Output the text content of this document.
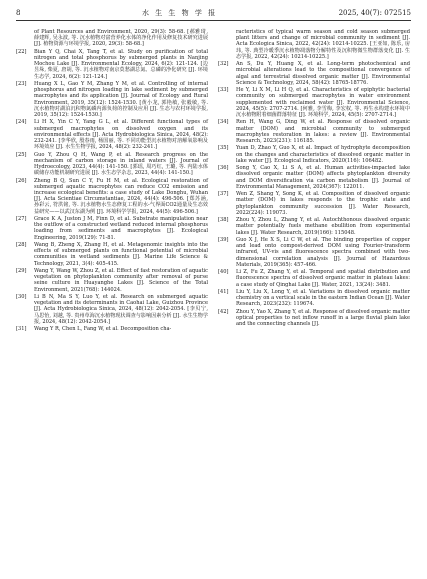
8	水 生 生 物 学 报	2025, 40(7): 072515
of Plant Resources and Environment, 2020, 29(3): 58-68. [郝雅琦, 薛建辉, 吴永波, 等. 沉水植物对富营养化水体的净化作用及修复技术研究进展 [J]. 植物资源与环境学报, 2020, 29(3): 58-68.]
[22]	Bian Y Q, Chai X, Tang T, et al. Study on purification of total nitrogen and total phosphorus by submerged plants in Nanjing Mochou Lake [J]. Environmental Ecology, 2024, 6(2): 121-124. [边昱垛, 柴夏, 唐胡, 等. 沉水植物对南京莫愁湖总氮、总磷的净化研究 [J]. 环境生态学, 2024, 6(2): 121-124.]
[23]	Huang X L, Gao Y M, Zhang Y M, et al. Controlling of internal phosphorus and nitrogen loading in lake sediment by submerged macrophytes and its application [J]. Journal of Ecology and Rural Environment, 2019, 35(12): 1524-1530. [黄小龙, 郭艳敏, 张毅敏, 等. 沉水植物对湖泊沉积物氮磷内源负荷的控制及应用 [J]. 生态与农村环境学报, 2019, 35(12): 1524-1530.]
[24]	Li H X, Yin C Y, Yang G L, et al. Different functional types of submerged macrophytes on dissolved oxygen and its environmental effects [J]. Acta Hydrobiologica Sinica, 2024, 48(2): 232-241. [李华欣, 殷春雨, 杨国丽, 等. 不同功能型沉水植物对溶解氧影响及环境效应 [J]. 水生生物学报, 2024, 48(2): 232-241.]
[25]	Guo Y, Zhou Q H, Wang P, et al. Research progress on the mechanism of carbon storage in inland waters [J]. Journal of Hydroecology, 2023, 44(4): 141-150. [郭瑶, 周巧红, 王璐, 等. 内陆水体碳储存功能机制研究进展 [J]. 水生态学杂志, 2023, 44(4): 141-150.]
[26]	Zheng B Q, Sun C Y, Fu H M, et al. Ecological restoration of submerged aquatic macrophytes can reduce CO2 emission and increase ecological benefits: a case study of Lake Donghu, Wuhan [J]. Acta Scientiae Circumstantiae, 2024, 44(4): 496-506. [郑苏涵, 孙彩云, 符洪铭, 等. 沉水植物水生态修复工程的水-气界面CO2通量及生态效益研究——以武汉东湖为例 [J]. 环境科学学报, 2024, 44(5): 496-506.]
[27]	Grace K A, Juston J M, Finn D, et al. Substrate manipulation near the outflow of a constructed wetland reduced internal phosphorus loading from sediments and macrophytes [J]. Ecological Engineering, 2019(129): 71-81.
[28]	Wang B, Zheng X, Zhang H, et al. Metagenomic insights into the effects of submerged plants on functional potential of microbial communities in wetland sediments [J]. Marine Life Science & Technology, 2021, 3(4): 405-415.
[29]	Wang Y, Wang W, Zhou Z, et al. Effect of fast restoration of aquatic vegetation on phytoplankton community after removal of purse seine culture in Huayanghe Lakes [J]. Science of the Total Environment, 2021(768): 144024.
[30]	Li B N, Ma S Y, Luo Y, et al. Research on submerged aquatic vegetation and its determinants in Caohai Lake, Guizhou Province [J]. Acta Hydrobiologica Sinica, 2024, 48(12): 2042-2054. [李贝宁, 马思怡, 刘越, 等. 贵州草海沉水植物现状调查与影响因素分析 [J]. 水生生物学报, 2024, 48(12): 2042-2054.]
[31]	Wang Y R, Chen L, Fang W, et al. Decomposition cha-
racteristics of typical warm season and cold season submerged plant litters and change of microbial community in sediment [J]. Acta Ecologica Sinica, 2022, 42(24): 10214-10225. [王亚如, 陈乐, 房玮, 等. 典型冷暖季沉水植物凋落物分解特性及沉积物微生物群落变化 [J]. 生态学报, 2022, 42(24): 10214-10225.]
[32]	An S, Du Y, Huang X, et al. Long-term photochemical and microbial alterations lead to the compositional convergence of algal and terrestrial dissolved organic matter [J]. Environmental Science & Technology, 2024, 58(42): 18765-18776.
[33]	He Y, Li X M, Li H Q, et al. Characteristics of epiphytic bacterial community on submerged macrophytes in water environment supplemented with reclaimed water [J]. Environmental Science, 2024, 45(5): 2707-2714. [何雅, 李雪梅, 李宏权, 等. 再生水构建水环境中沉水植物附着细菌群落特征 [J]. 环境科学, 2024, 45(5): 2707-2714.]
[34]	Ren H, Wang G, Ding W, et al. Response of dissolved organic matter (DOM) and microbial community to submerged macrophytes restoration in lakes: a review [J]. Environmental Research, 2023(231): 116185.
[35]	Yuan D, Zhao Y, Guo X, et al. Impact of hydrophyte decomposition on the changes and characteristics of dissolved organic matter in lake water [J]. Ecological Indicators, 2020(116): 106482.
[36]	Song Y, Cao X, Li S A, et al. Human activities-impacted lake dissolved organic matter (DOM) affects phytoplankton diversity and DOM diversification via carbon metabolism [J]. Journal of Environmental Management, 2024(367): 122011.
[37]	Wen Z, Shang Y, Song K, et al. Composition of dissolved organic matter (DOM) in lakes responds to the trophic state and phytoplankton community succession [J]. Water Research, 2022(224): 119073.
[38]	Zhou Y, Zhou L, Zhang Y, et al. Autochthonous dissolved organic matter potentially fuels methane ebullition from experimental lakes [J]. Water Research, 2019(166): 115048.
[39]	Guo X J, He X S, Li C W, et al. The binding properties of copper and lead onto compost-derived DOM using Fourier-transform infrared, UV-vis and fluorescence spectra combined with two-dimensional correlation analysis [J]. Journal of Hazardous Materials, 2019(365): 457-466.
[40]	Li Z, Fu Z, Zhang Y, et al. Temporal and spatial distribution and fluorescence spectra of dissolved organic matter in plateau lakes: a case study of Qinghai Lake [J]. Water, 2021, 13(24): 3481.
[41]	Liu Y, Liu X, Long Y, et al. Variations in dissolved organic matter chemistry on a vertical scale in the eastern Indian Ocean [J]. Water Research, 2023(232): 119674.
[42]	Zhou Y, Yao X, Zhang Y, et al. Response of dissolved organic matter optical properties to net inflow runoff in a large fluvial plain lake and the connecting channels [J].
